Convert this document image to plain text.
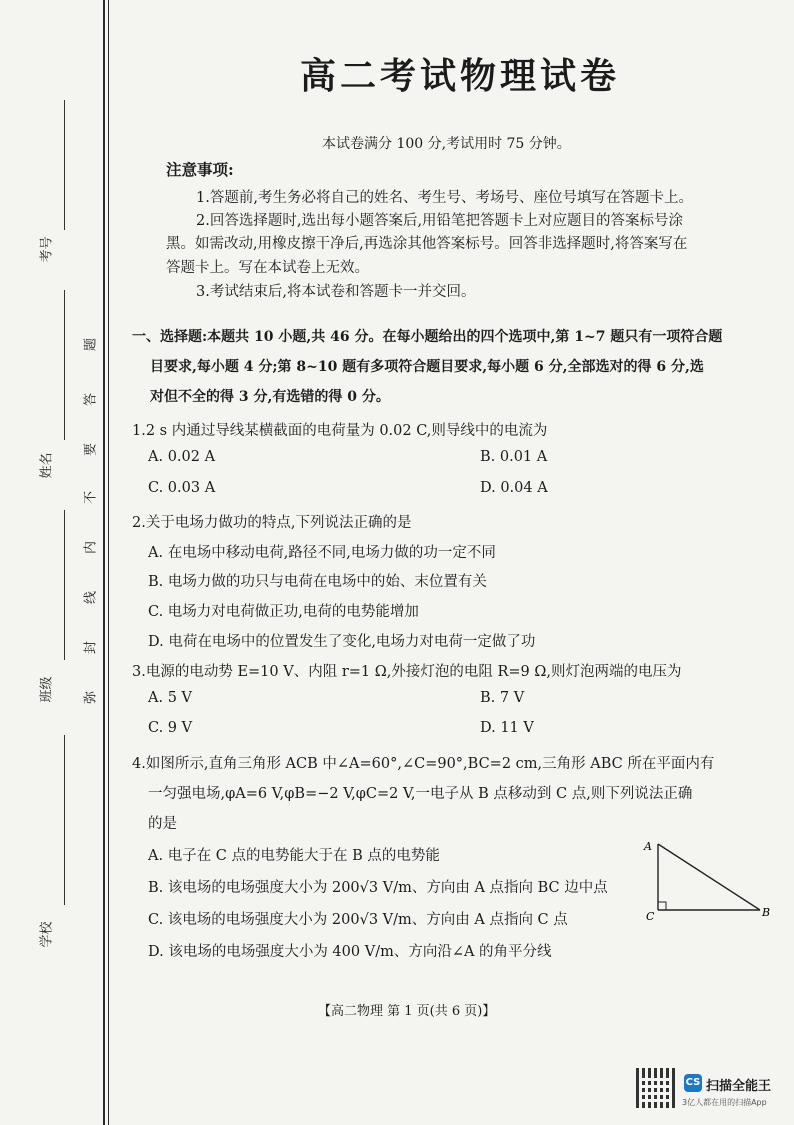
考号
姓名
班级
学校
题
答
要
不
内
线
封
弥
高二考试物理试卷
本试卷满分 100 分,考试用时 75 分钟。
注意事项:
1.答题前,考生务必将自己的姓名、考生号、考场号、座位号填写在答题卡上。
2.回答选择题时,选出每小题答案后,用铅笔把答题卡上对应题目的答案标号涂
黑。如需改动,用橡皮擦干净后,再选涂其他答案标号。回答非选择题时,将答案写在
答题卡上。写在本试卷上无效。
3.考试结束后,将本试卷和答题卡一并交回。
一、选择题:本题共 10 小题,共 46 分。在每小题给出的四个选项中,第 1~7 题只有一项符合题
目要求,每小题 4 分;第 8~10 题有多项符合题目要求,每小题 6 分,全部选对的得 6 分,选
对但不全的得 3 分,有选错的得 0 分。
1.2 s 内通过导线某横截面的电荷量为 0.02 C,则导线中的电流为
A. 0.02 A	B. 0.01 A
C. 0.03 A	D. 0.04 A
2.关于电场力做功的特点,下列说法正确的是
A. 在电场中移动电荷,路径不同,电场力做的功一定不同
B. 电场力做的功只与电荷在电场中的始、末位置有关
C. 电场力对电荷做正功,电荷的电势能增加
D. 电荷在电场中的位置发生了变化,电场力对电荷一定做了功
3.电源的电动势 E=10 V、内阻 r=1 Ω,外接灯泡的电阻 R=9 Ω,则灯泡两端的电压为
A. 5 V	B. 7 V
C. 9 V	D. 11 V
4.如图所示,直角三角形 ACB 中∠A=60°,∠C=90°,BC=2 cm,三角形 ABC 所在平面内有
一匀强电场,φA=6 V,φB=−2 V,φC=2 V,一电子从 B 点移动到 C 点,则下列说法正确
的是
A. 电子在 C 点的电势能大于在 B 点的电势能
B. 该电场的电场强度大小为 200√3 V/m、方向由 A 点指向 BC 边中点
C. 该电场的电场强度大小为 200√3 V/m、方向由 A 点指向 C 点
D. 该电场的电场强度大小为 400 V/m、方向沿∠A 的角平分线
A
C	B
【高二物理 第 1 页(共 6 页)】
CS 扫描全能王
3亿人都在用的扫描App
